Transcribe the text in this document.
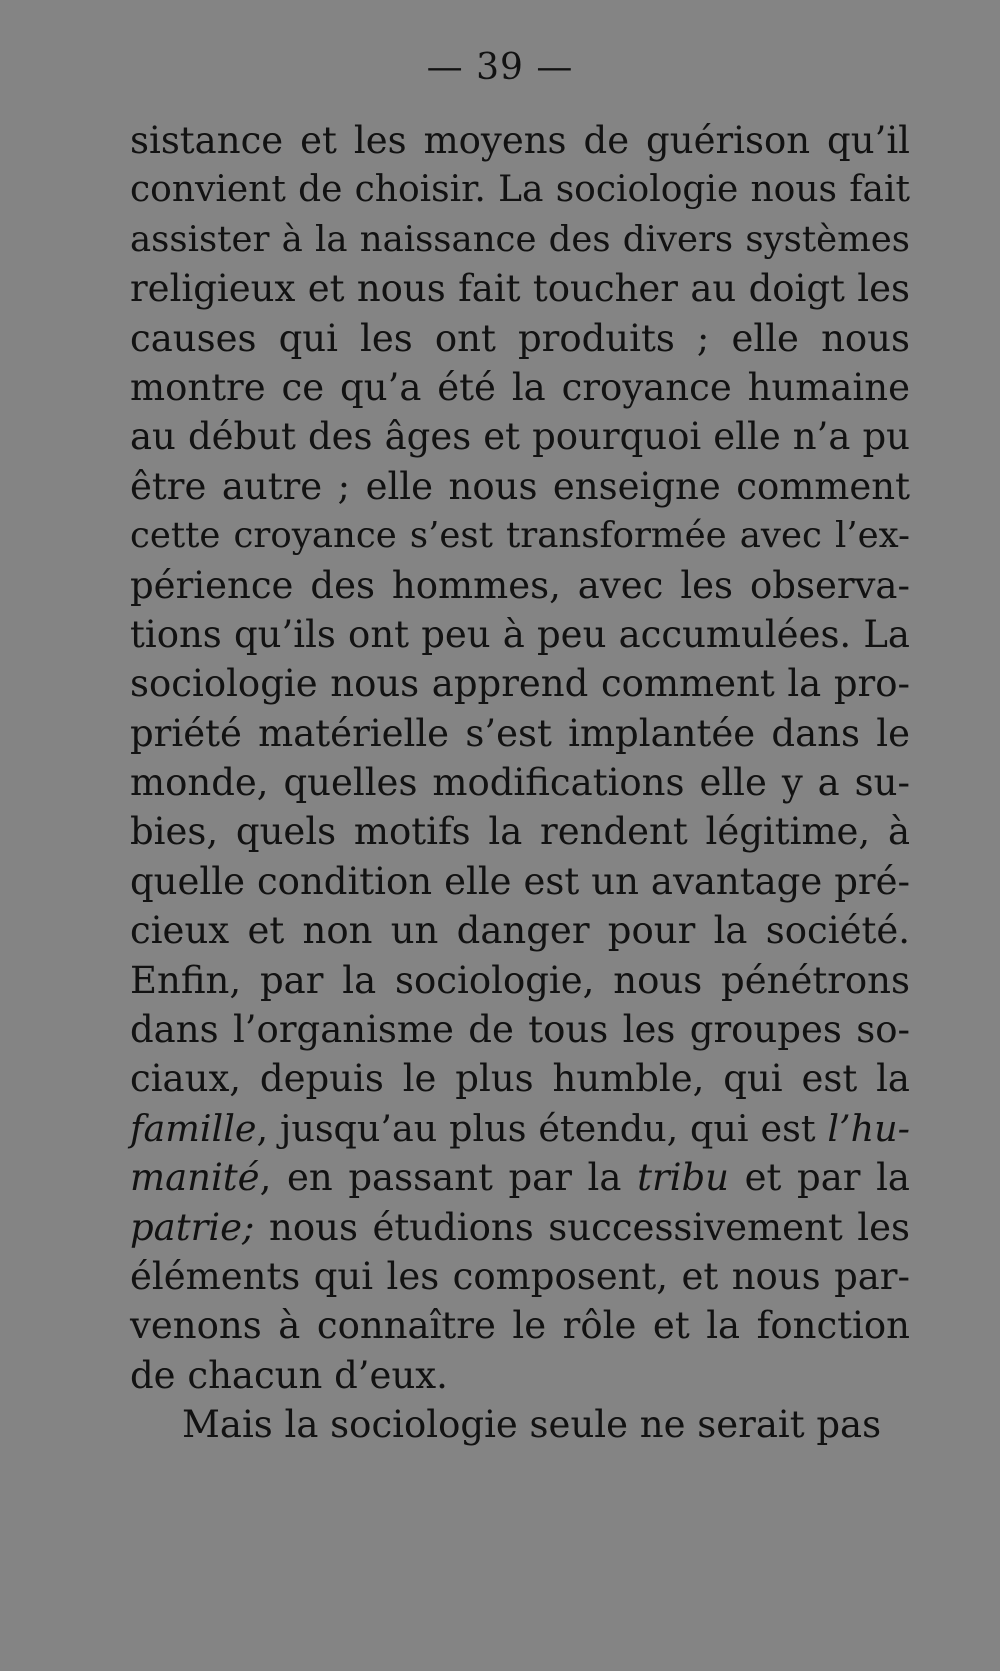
— 39 —
sistance et les moyens de guérison qu’il
convient de choisir. La sociologie nous fait
assister à la naissance des divers systèmes
religieux et nous fait toucher au doigt les
causes qui les ont produits ; elle nous
montre ce qu’a été la croyance humaine
au début des âges et pourquoi elle n’a pu
être autre ; elle nous enseigne comment
cette croyance s’est transformée avec l’ex-
périence des hommes, avec les observa-
tions qu’ils ont peu à peu accumulées. La
sociologie nous apprend comment la pro-
priété matérielle s’est implantée dans le
monde, quelles modifications elle y a su-
bies, quels motifs la rendent légitime, à
quelle condition elle est un avantage pré-
cieux et non un danger pour la société.
Enfin, par la sociologie, nous pénétrons
dans l’organisme de tous les groupes so-
ciaux, depuis le plus humble, qui est la
famille, jusqu’au plus étendu, qui est l’hu-
manité, en passant par la tribu et par la
patrie; nous étudions successivement les
éléments qui les composent, et nous par-
venons à connaître le rôle et la fonction
de chacun d’eux.
Mais la sociologie seule ne serait pas
